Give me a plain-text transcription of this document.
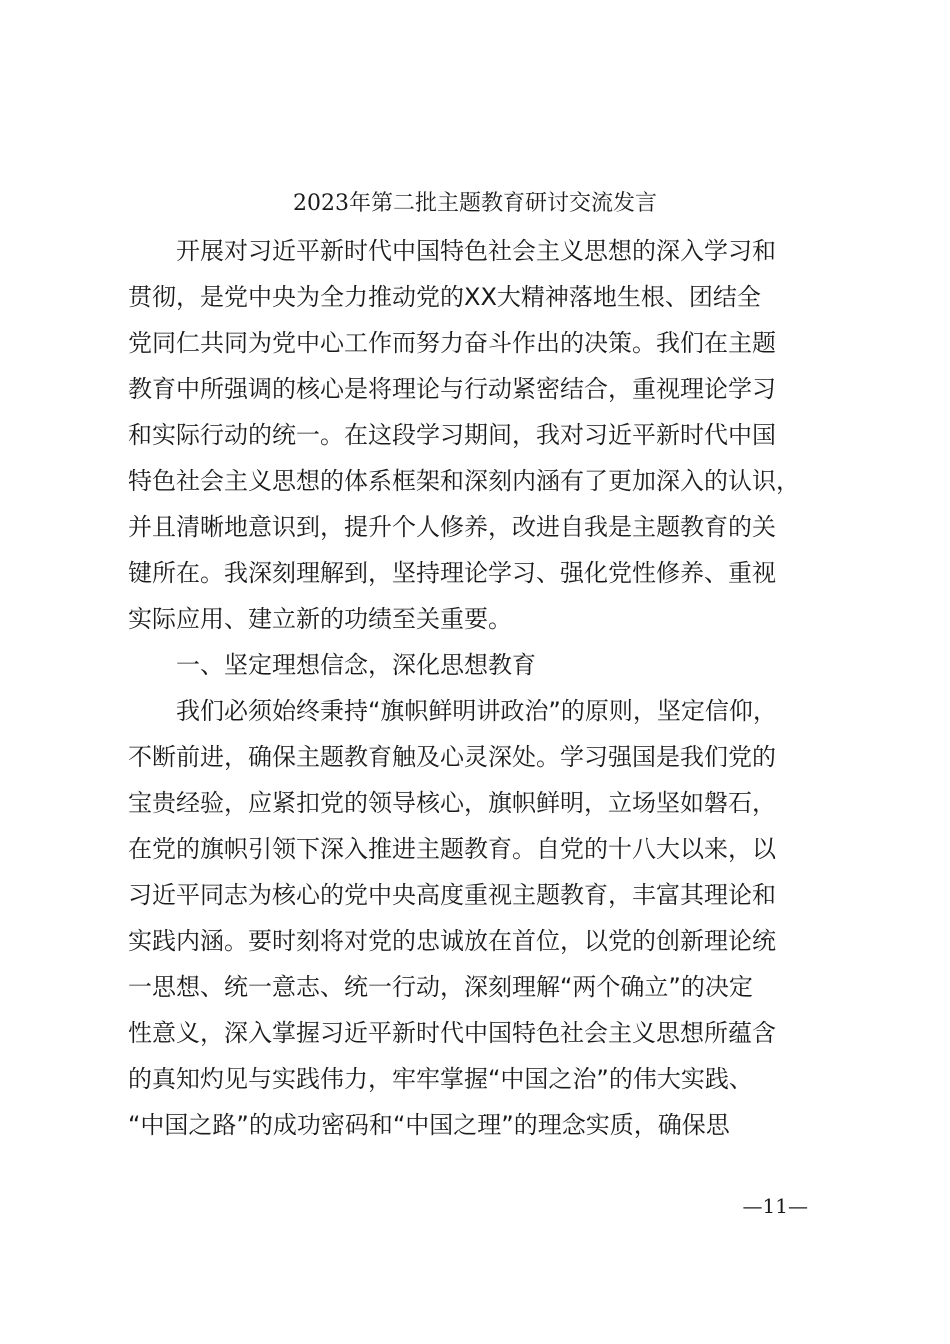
2023年第二批主题教育研讨交流发言
　　开展对习近平新时代中国特色社会主义思想的深入学习和
贯彻，是党中央为全力推动党的XX大精神落地生根、团结全
党同仁共同为党中心工作而努力奋斗作出的决策。我们在主题
教育中所强调的核心是将理论与行动紧密结合，重视理论学习
和实际行动的统一。在这段学习期间，我对习近平新时代中国
特色社会主义思想的体系框架和深刻内涵有了更加深入的认识，
并且清晰地意识到，提升个人修养，改进自我是主题教育的关
键所在。我深刻理解到，坚持理论学习、强化党性修养、重视
实际应用、建立新的功绩至关重要。
　　一、坚定理想信念，深化思想教育
　　我们必须始终秉持“旗帜鲜明讲政治”的原则，坚定信仰，
不断前进，确保主题教育触及心灵深处。学习强国是我们党的
宝贵经验，应紧扣党的领导核心，旗帜鲜明，立场坚如磐石，
在党的旗帜引领下深入推进主题教育。自党的十八大以来，以
习近平同志为核心的党中央高度重视主题教育，丰富其理论和
实践内涵。要时刻将对党的忠诚放在首位，以党的创新理论统
一思想、统一意志、统一行动，深刻理解“两个确立”的决定
性意义，深入掌握习近平新时代中国特色社会主义思想所蕴含
的真知灼见与实践伟力，牢牢掌握“中国之治”的伟大实践、
“中国之路”的成功密码和“中国之理”的理念实质，确保思
—11—
